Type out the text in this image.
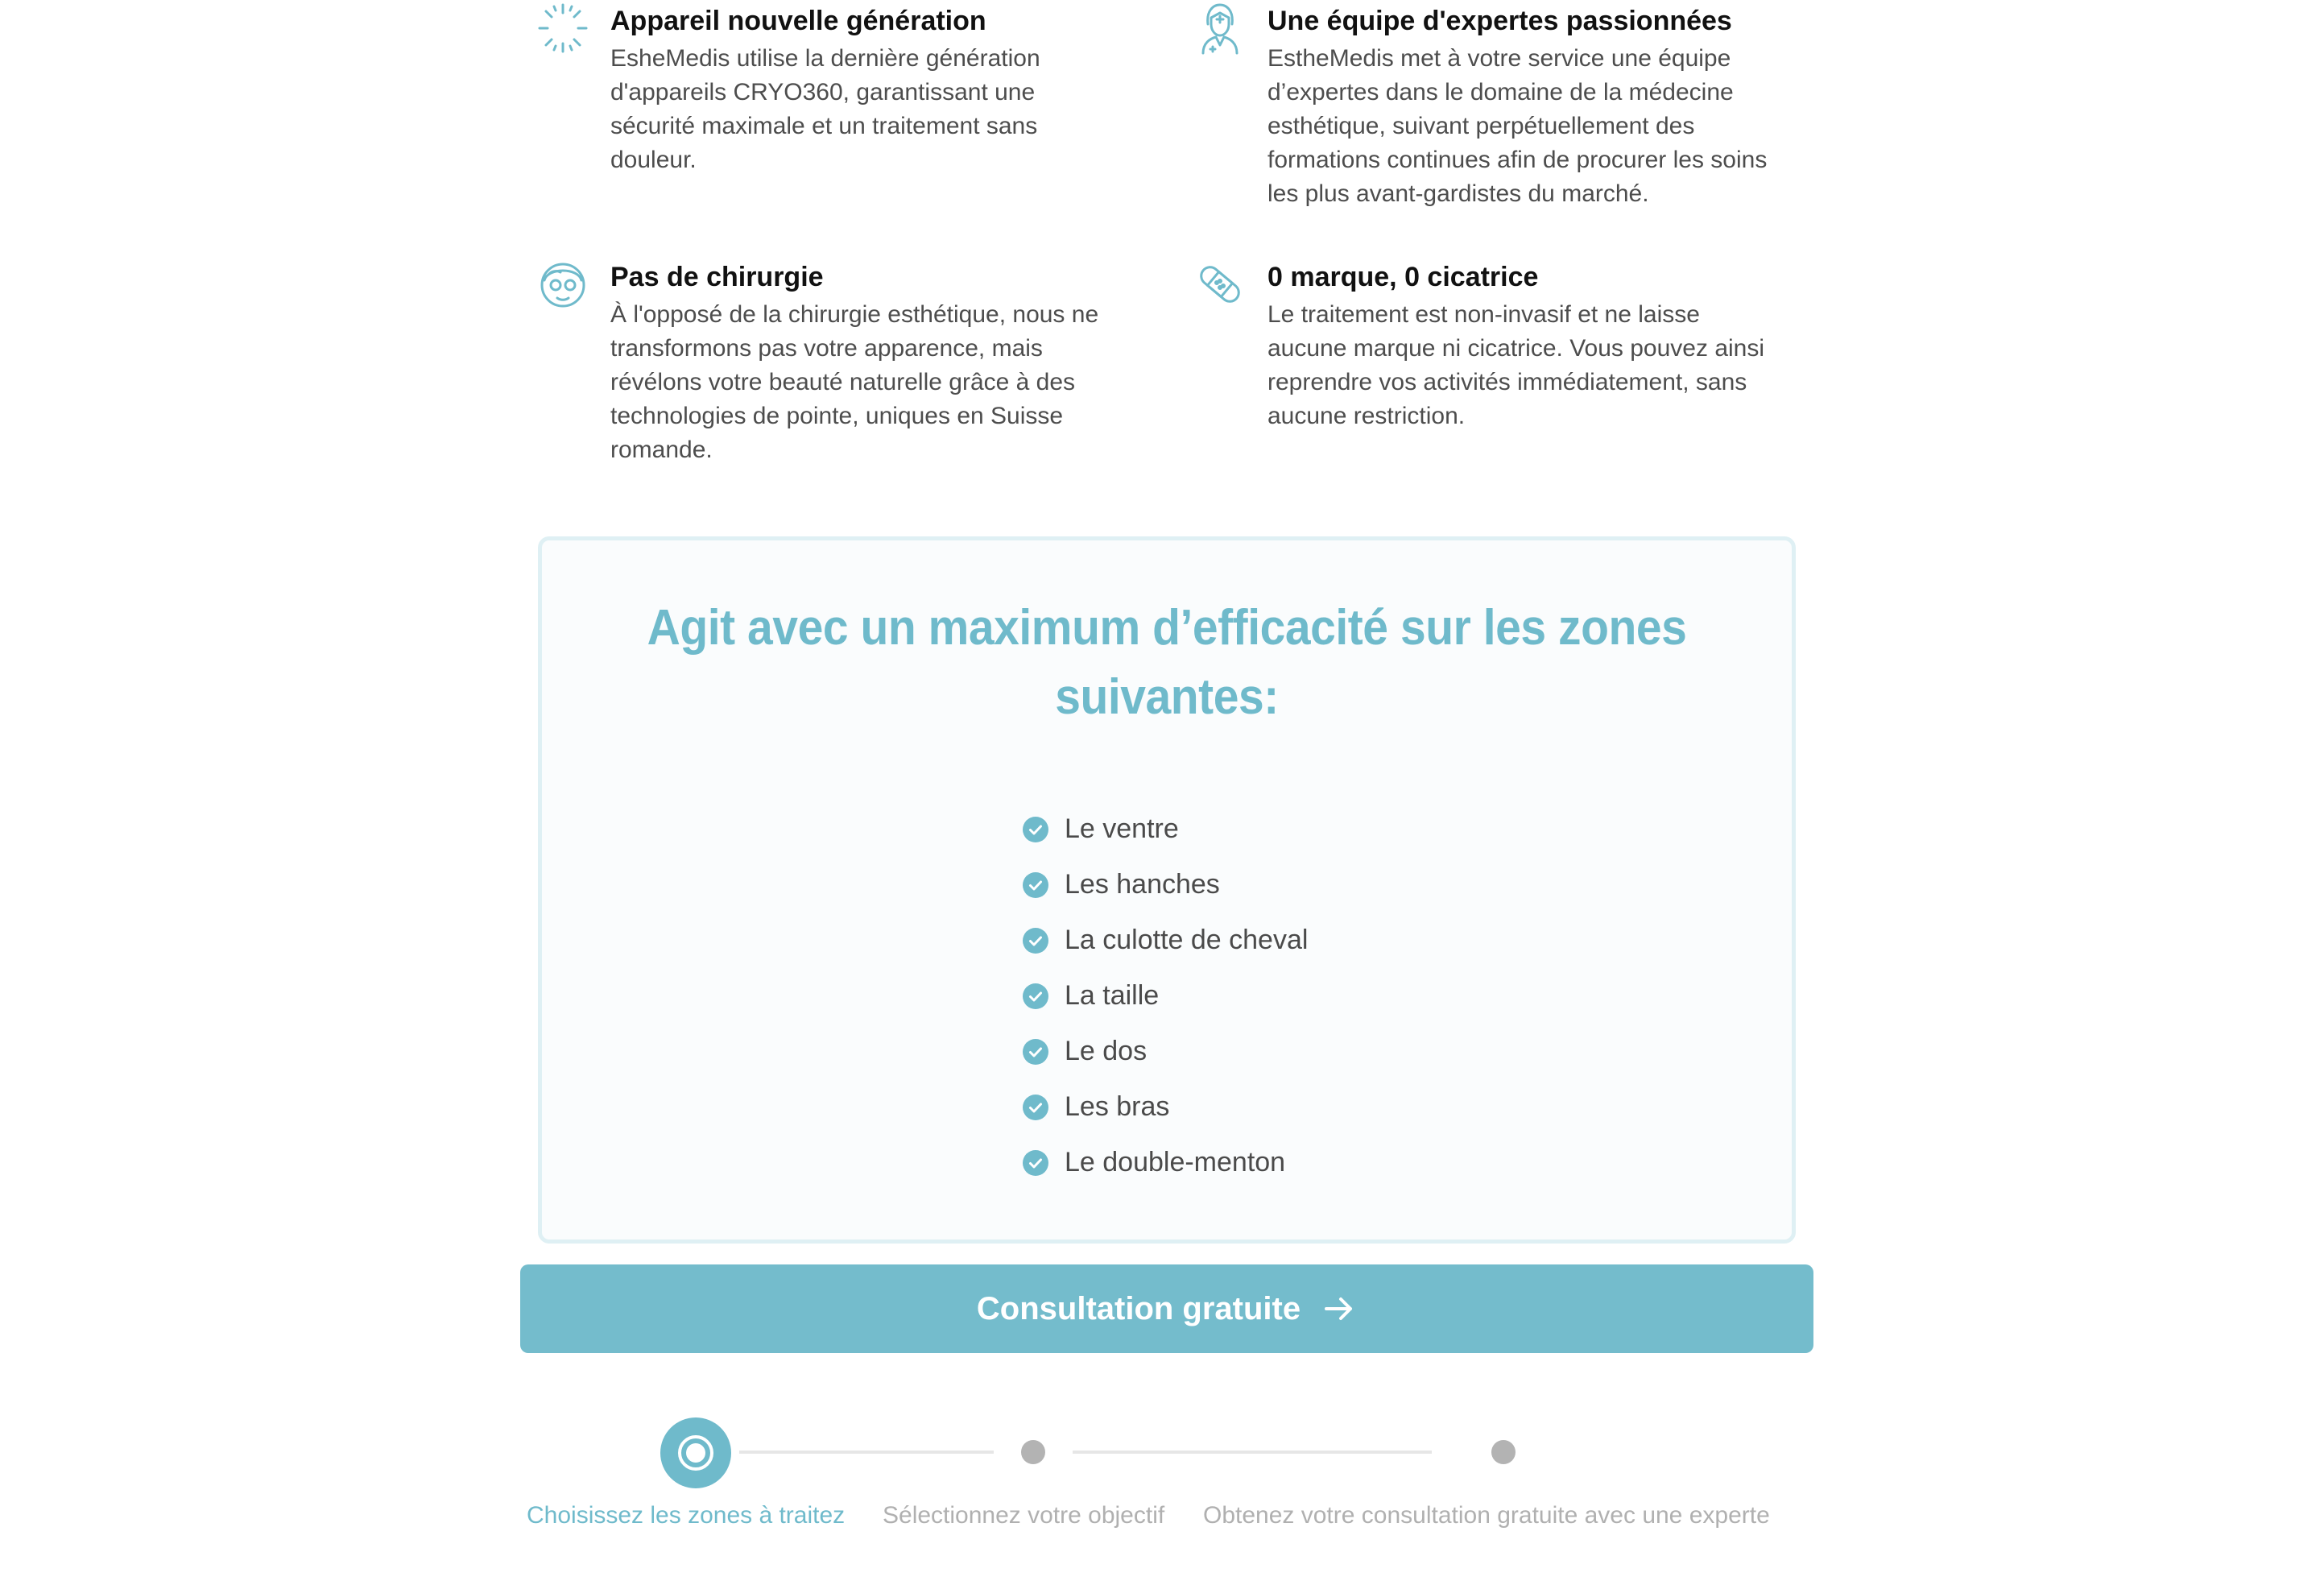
Appareil nouvelle génération
EsheMedis utilise la dernière génération d'appareils CRYO360, garantissant une sécurité maximale et un traitement sans douleur.
Une équipe d'expertes passionnées
EstheMedis met à votre service une équipe d’expertes dans le domaine de la médecine esthétique, suivant perpétuellement des formations continues afin de procurer les soins les plus avant-gardistes du marché.
Pas de chirurgie
À l'opposé de la chirurgie esthétique, nous ne transformons pas votre apparence, mais révélons votre beauté naturelle grâce à des technologies de pointe, uniques en Suisse romande.
0 marque, 0 cicatrice
Le traitement est non-invasif et ne laisse aucune marque ni cicatrice. Vous pouvez ainsi reprendre vos activités immédiatement, sans aucune restriction.
Agit avec un maximum d’efficacité sur les zones suivantes:
Le ventre
Les hanches
La culotte de cheval
La taille
Le dos
Les bras
Le double-menton
Consultation gratuite
Choisissez les zones à traitez Sélectionnez votre objectif Obtenez votre consultation gratuite avec une experte
